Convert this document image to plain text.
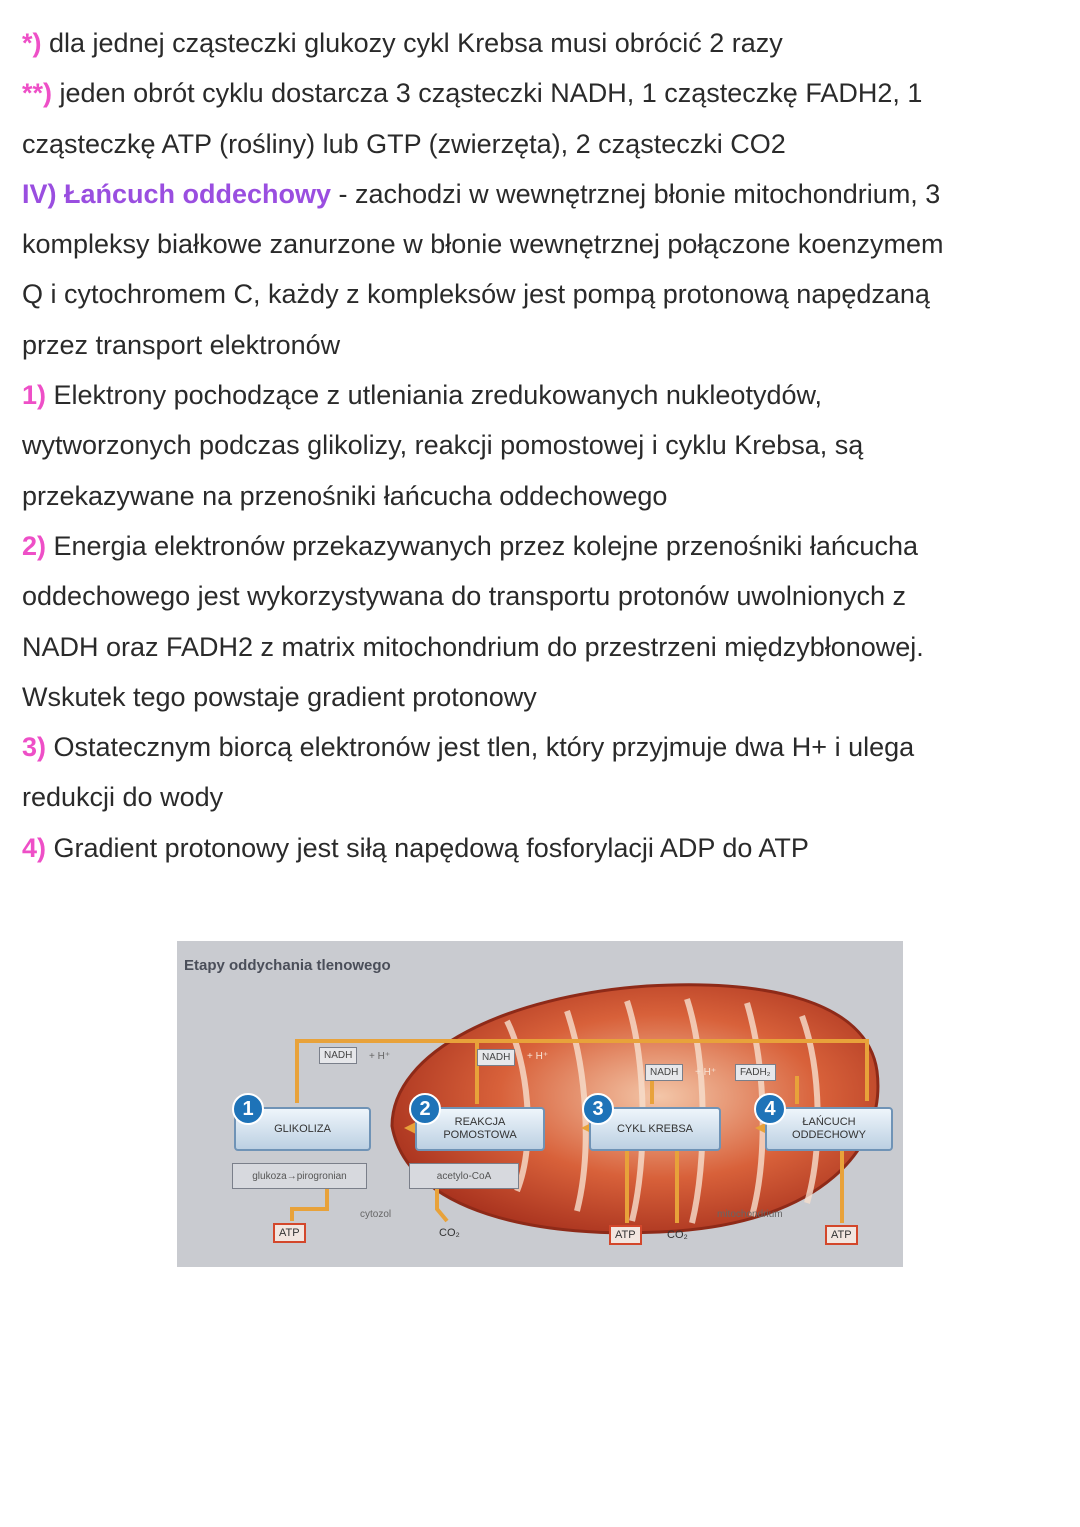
*) dla jednej cząsteczki glukozy cykl Krebsa musi obrócić 2 razy
**) jeden obrót cyklu dostarcza 3 cząsteczki NADH, 1 cząsteczkę FADH2, 1
cząsteczkę ATP (rośliny) lub GTP (zwierzęta), 2 cząsteczki CO2
IV) Łańcuch oddechowy - zachodzi w wewnętrznej błonie mitochondrium, 3
kompleksy białkowe zanurzone w błonie wewnętrznej połączone koenzymem
Q i cytochromem C, każdy z kompleksów jest pompą protonową napędzaną
przez transport elektronów
1) Elektrony pochodzące z utleniania zredukowanych nukleotydów,
wytworzonych podczas glikolizy, reakcji pomostowej i cyklu Krebsa, są
przekazywane na przenośniki łańcucha oddechowego
2) Energia elektronów przekazywanych przez kolejne przenośniki łańcucha
oddechowego jest wykorzystywana do transportu protonów uwolnionych z
NADH oraz FADH2 z matrix mitochondrium do przestrzeni międzybłonowej.
Wskutek tego powstaje gradient protonowy
3) Ostatecznym biorcą elektronów jest tlen, który przyjmuje dwa H+ i ulega
redukcji do wody
4) Gradient protonowy jest siłą napędową fosforylacji ADP do ATP
Etapy oddychania tlenowego
NADH	+ H⁺	NADH	+ H⁺
NADH	+ H⁺	FADH₂
GLIKOLIZA
1
REAKCJA POMOSTOWA
2
CYKL KREBSA
3
ŁAŃCUCH ODDECHOWY
4
glukoza→pirogronian	acetylo-CoA
cytozol	mitochondrium
ATP	CO₂	ATP	CO₂	ATP
